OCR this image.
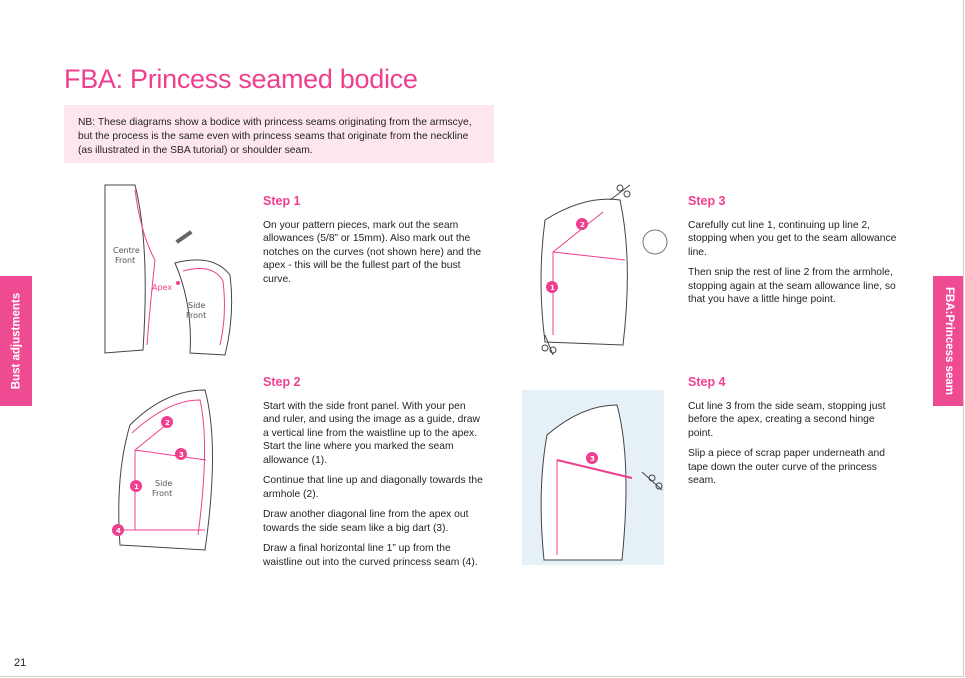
FBA: Princess seamed bodice
NB: These diagrams show a bodice with princess seams originating from the armscye, but the process is the same even with princess seams that originate from the neckline (as illustrated in the SBA tutorial) or shoulder seam.
Bust adjustments	FBA:Princess seam
Step 1

On your pattern pieces, mark out the seam allowances (5/8” or 15mm). Also mark out the notches on the curves (not shown here) and the apex - this will be the fullest part of the bust curve.

Step 2

Start with the side front panel. With your pen and ruler, and using the image as a guide, draw a vertical line from the waistline up to the apex. Start the line where you marked the seam allowance (1).

Continue that line up and diagonally towards the armhole (2).

Draw another diagonal line from the apex out towards the side seam like a big dart (3).

Draw a final horizontal line 1” up from the waistline out into the curved princess seam (4).

Step 3

Carefully cut line 1, continuing up line 2, stopping when you get to the seam allowance line.

Then snip the rest of line 2 from the armhole, stopping again at the seam allowance line, so that you have a little hinge point.

Step 4

Cut line 3 from the side seam, stopping just before the apex, creating a second hinge point.

Slip a piece of scrap paper underneath and tape down the outer curve of the princess seam.

Centre
Front
Apex
Side
Front
2
3
1
4
Side
Front
2
1
3
21
